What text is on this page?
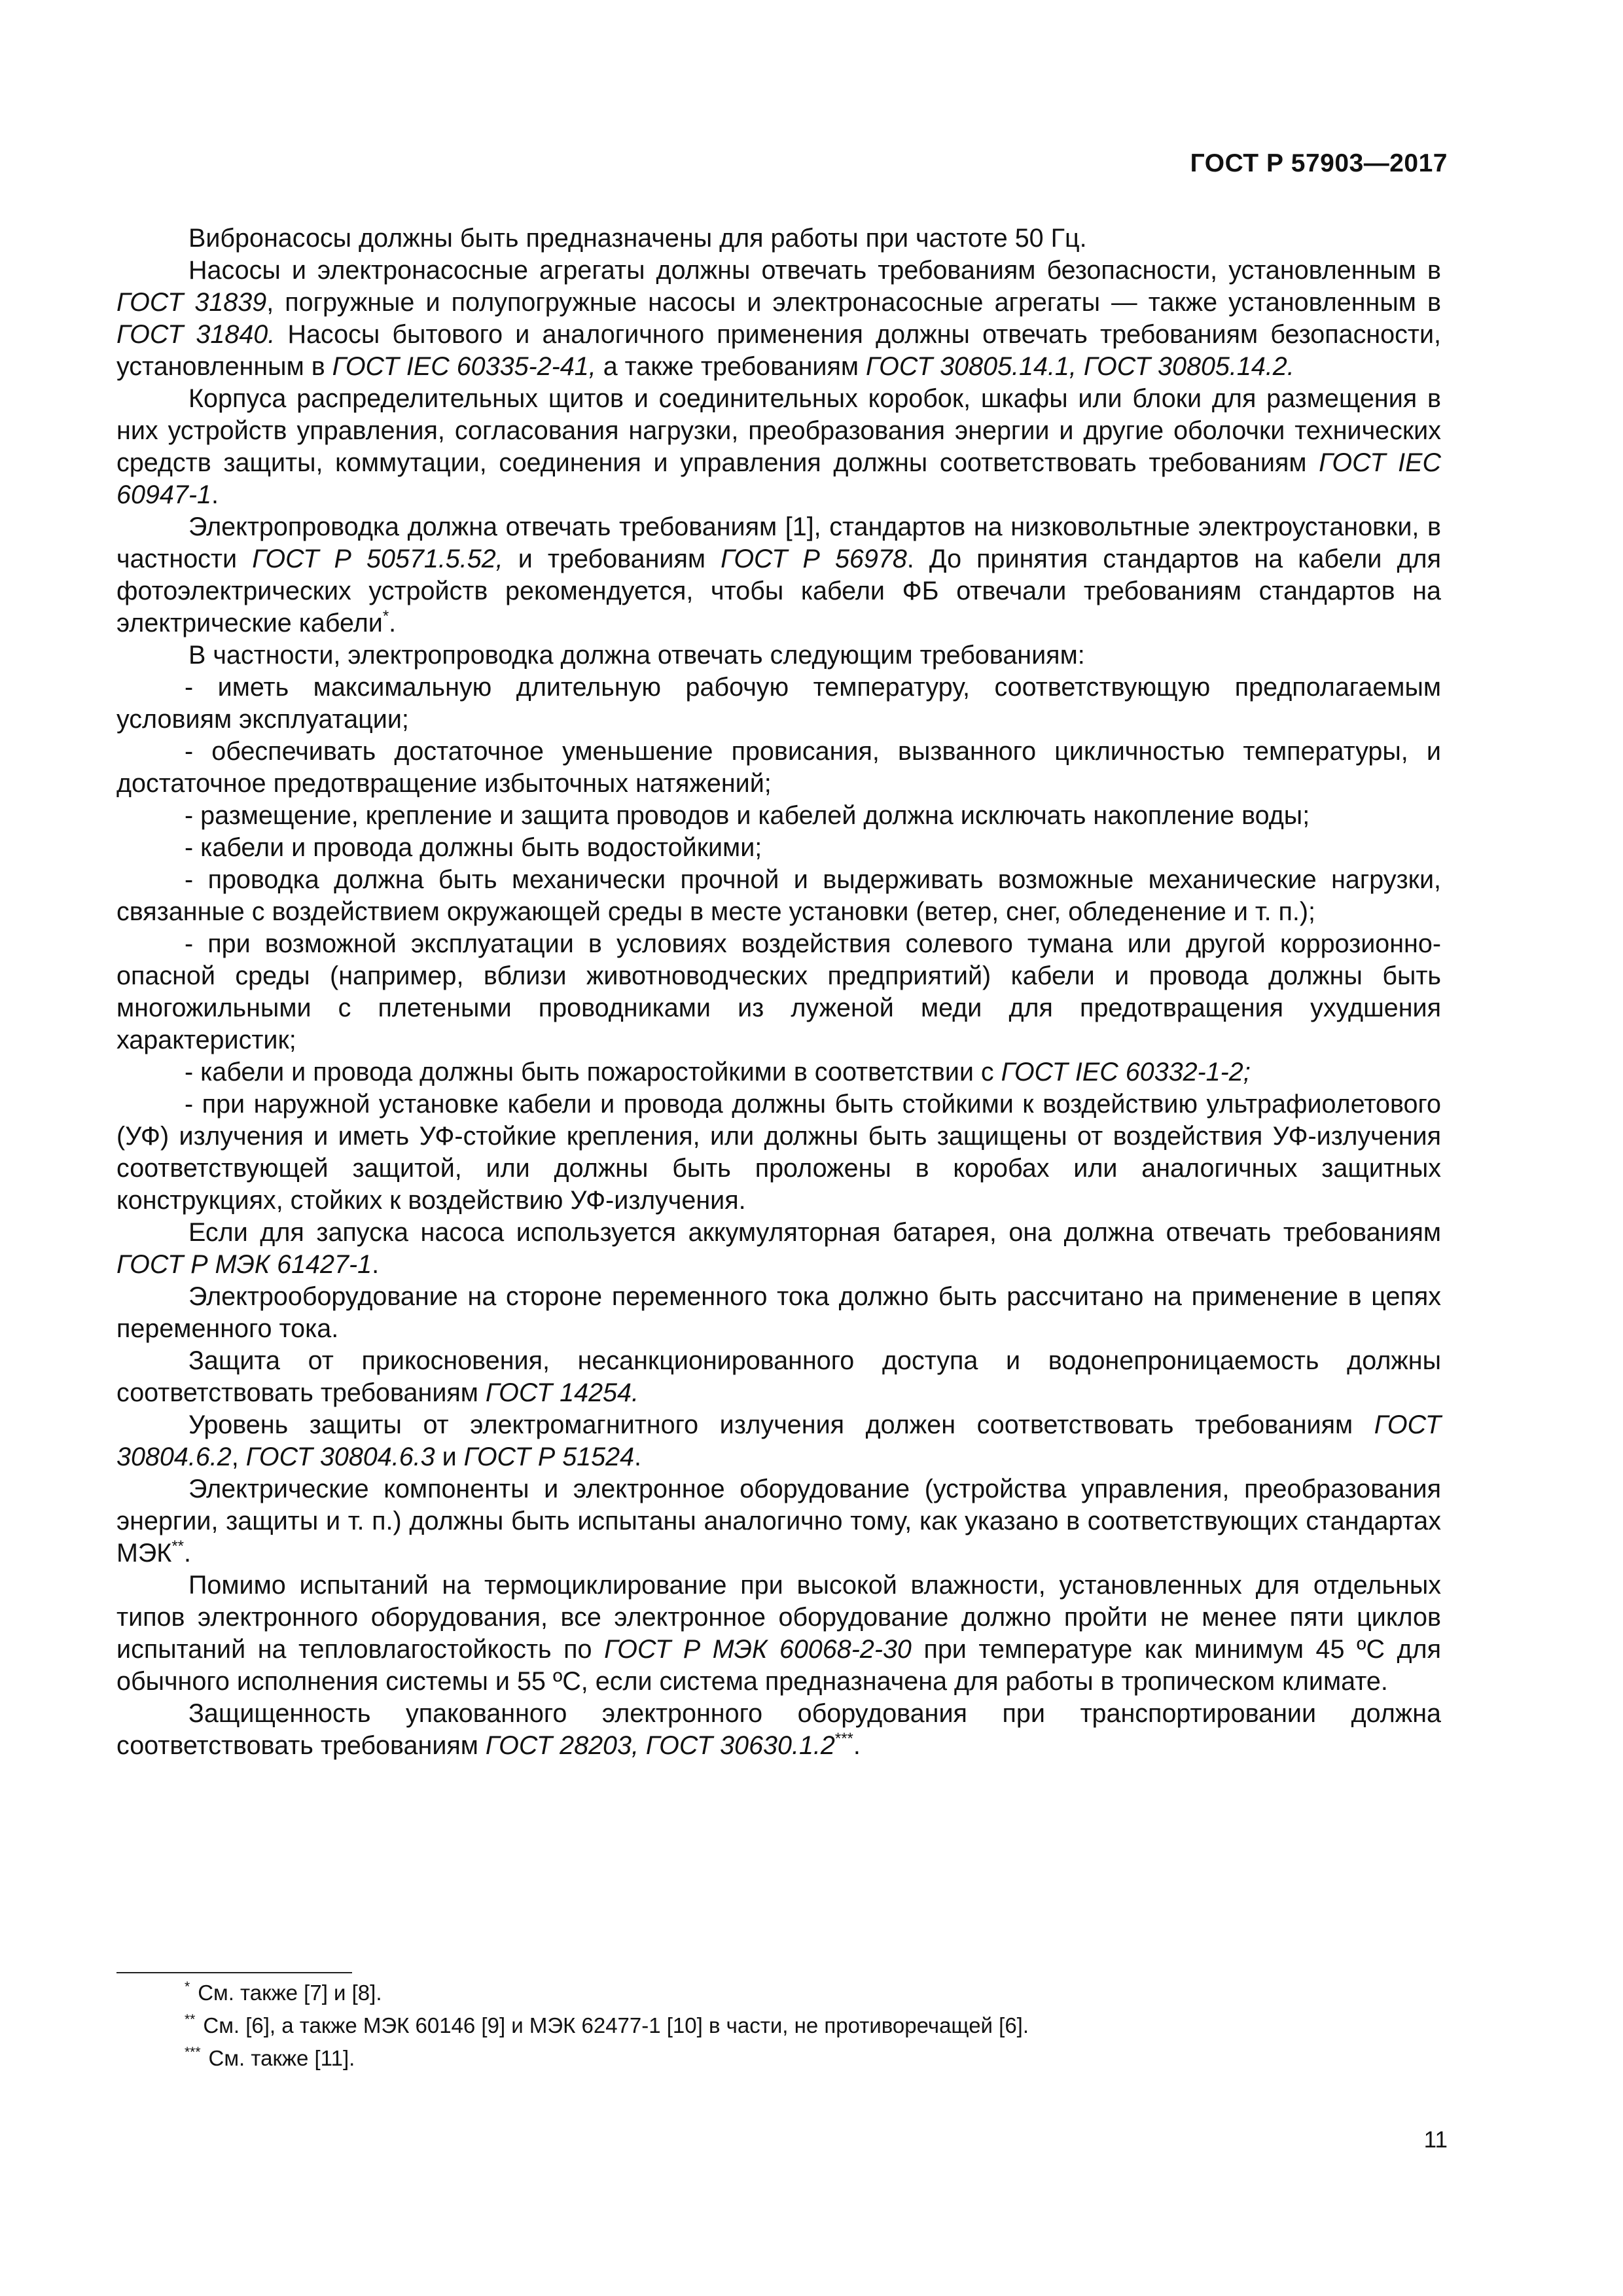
ГОСТ Р 57903—2017

Вибронасосы должны быть предназначены для работы при частоте 50 Гц.

Насосы и электронасосные агрегаты должны отвечать требованиям безопасности, установленным в ГОСТ 31839, погружные и полупогружные насосы и электронасосные агрегаты — также установленным в ГОСТ 31840. Насосы бытового и аналогичного применения должны отвечать требованиям безопасности, установленным в ГОСТ IEC 60335-2-41, а также требованиям ГОСТ 30805.14.1, ГОСТ 30805.14.2.

Корпуса распределительных щитов и соединительных коробок, шкафы или блоки для размещения в них устройств управления, согласования нагрузки, преобразования энергии и другие оболочки технических средств защиты, коммутации, соединения и управления должны соответствовать требованиям ГОСТ IEC 60947-1.

Электропроводка должна отвечать требованиям [1], стандартов на низковольтные электроустановки, в частности ГОСТ Р 50571.5.52, и требованиям ГОСТ Р 56978. До принятия стандартов на кабели для фотоэлектрических устройств рекомендуется, чтобы кабели ФБ отвечали требованиям стандартов на электрические кабели*.

В частности, электропроводка должна отвечать следующим требованиям:

- иметь максимальную длительную рабочую температуру, соответствующую предполагаемым условиям эксплуатации;

- обеспечивать достаточное уменьшение провисания, вызванного цикличностью температуры, и достаточное предотвращение избыточных натяжений;

- размещение, крепление и защита проводов и кабелей должна исключать накопление воды;

- кабели и провода должны быть водостойкими;

- проводка должна быть механически прочной и выдерживать возможные механические нагрузки, связанные с воздействием окружающей среды в месте установки (ветер, снег, обледенение и т. п.);

- при возможной эксплуатации в условиях воздействия солевого тумана или другой коррозионно-опасной среды (например, вблизи животноводческих предприятий) кабели и провода должны быть многожильными с плетеными проводниками из луженой меди для предотвращения ухудшения характеристик;

- кабели и провода должны быть пожаростойкими в соответствии с ГОСТ IEC 60332-1-2;

- при наружной установке кабели и провода должны быть стойкими к воздействию ультрафиолетового (УФ) излучения и иметь УФ-стойкие крепления, или должны быть защищены от воздействия УФ-излучения соответствующей защитой, или должны быть проложены в коробах или аналогичных защитных конструкциях, стойких к воздействию УФ-излучения.

Если для запуска насоса используется аккумуляторная батарея, она должна отвечать требованиям ГОСТ Р МЭК 61427-1.

Электрооборудование на стороне переменного тока должно быть рассчитано на применение в цепях переменного тока.

Защита от прикосновения, несанкционированного доступа и водонепроницаемость должны соответствовать требованиям ГОСТ 14254.

Уровень защиты от электромагнитного излучения должен соответствовать требованиям ГОСТ 30804.6.2, ГОСТ 30804.6.3 и ГОСТ Р 51524.

Электрические компоненты и электронное оборудование (устройства управления, преобразования энергии, защиты и т. п.) должны быть испытаны аналогично тому, как указано в соответствующих стандартах МЭК**.

Помимо испытаний на термоциклирование при высокой влажности, установленных для отдельных типов электронного оборудования, все электронное оборудование должно пройти не менее пяти циклов испытаний на тепловлагостойкость по ГОСТ Р МЭК 60068-2-30 при температуре как минимум 45 ºС для обычного исполнения системы и 55 ºС, если система предназначена для работы в тропическом климате.

Защищенность упакованного электронного оборудования при транспортировании должна соответствовать требованиям ГОСТ 28203, ГОСТ 30630.1.2***.

* См. также [7] и [8].

** См. [6], а также МЭК 60146 [9] и МЭК 62477-1 [10] в части, не противоречащей [6].

*** См. также [11].

11
